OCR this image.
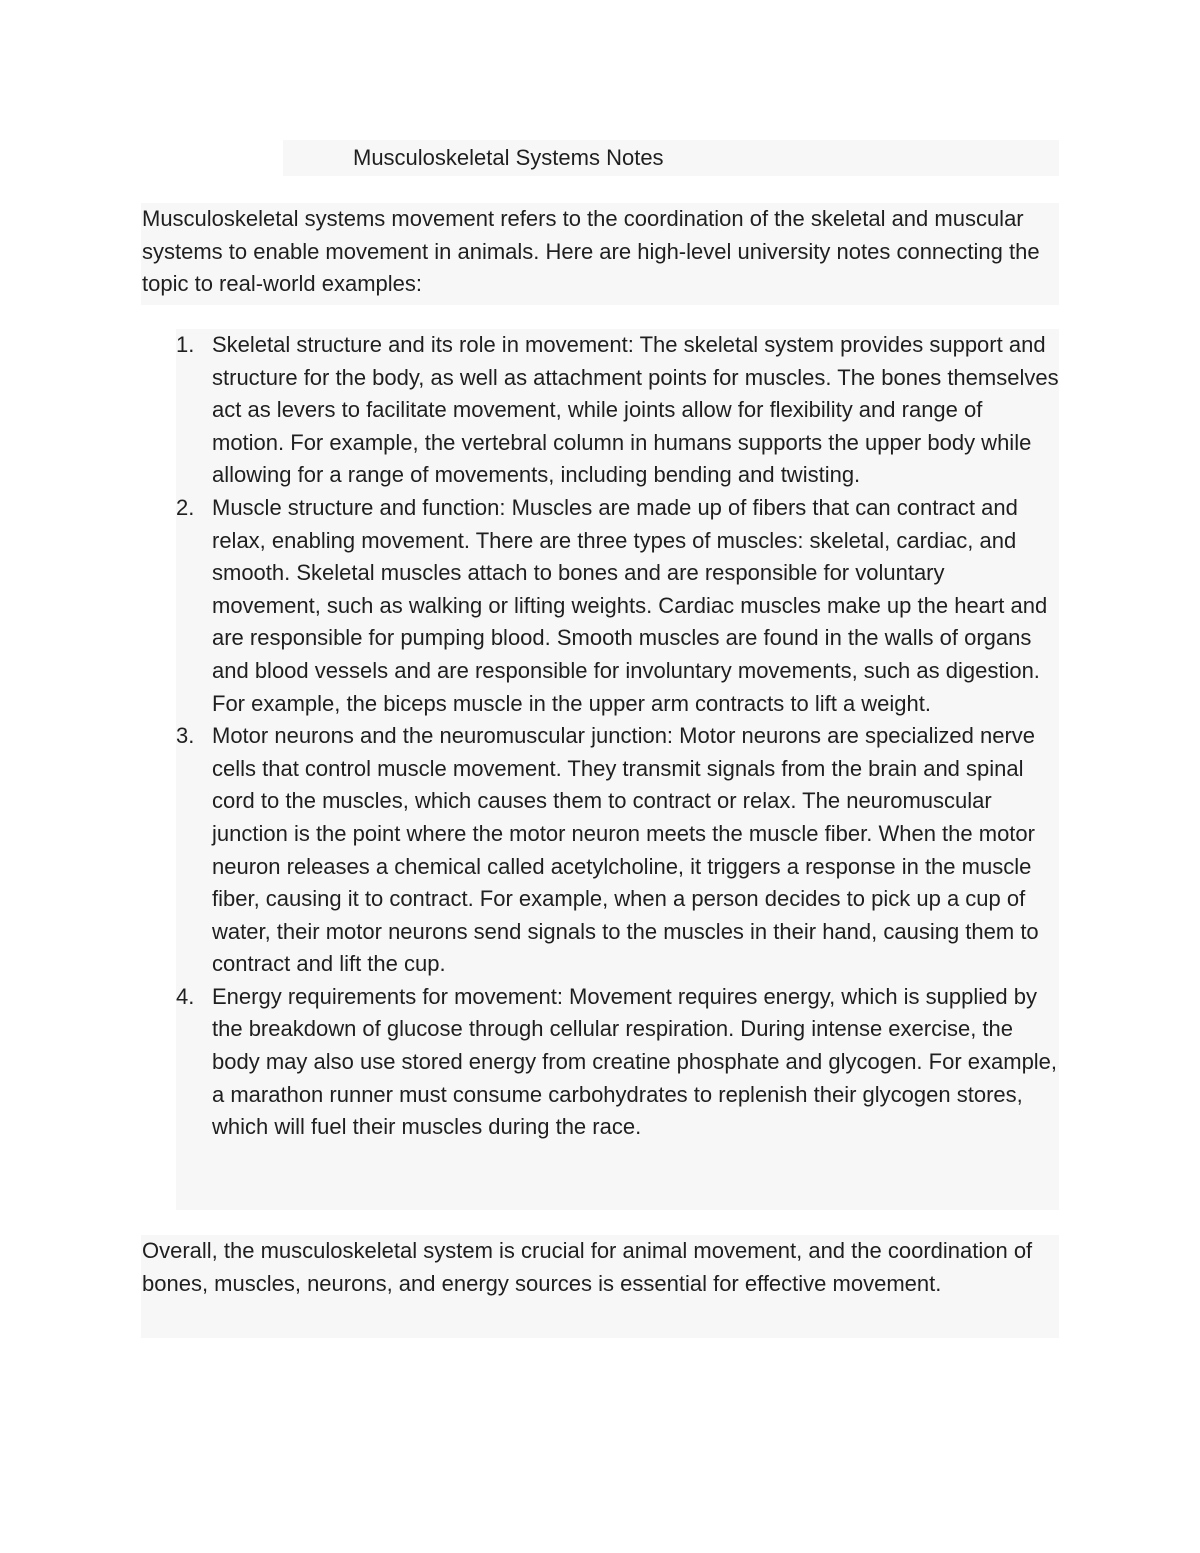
Musculoskeletal Systems Notes

Musculoskeletal systems movement refers to the coordination of the skeletal and muscular systems to enable movement in animals. Here are high-level university notes connecting the topic to real-world examples:

1. Skeletal structure and its role in movement: The skeletal system provides support and structure for the body, as well as attachment points for muscles. The bones themselves act as levers to facilitate movement, while joints allow for flexibility and range of motion. For example, the vertebral column in humans supports the upper body while allowing for a range of movements, including bending and twisting.
2. Muscle structure and function: Muscles are made up of fibers that can contract and relax, enabling movement. There are three types of muscles: skeletal, cardiac, and smooth. Skeletal muscles attach to bones and are responsible for voluntary movement, such as walking or lifting weights. Cardiac muscles make up the heart and are responsible for pumping blood. Smooth muscles are found in the walls of organs and blood vessels and are responsible for involuntary movements, such as digestion. For example, the biceps muscle in the upper arm contracts to lift a weight.
3. Motor neurons and the neuromuscular junction: Motor neurons are specialized nerve cells that control muscle movement. They transmit signals from the brain and spinal cord to the muscles, which causes them to contract or relax. The neuromuscular junction is the point where the motor neuron meets the muscle fiber. When the motor neuron releases a chemical called acetylcholine, it triggers a response in the muscle fiber, causing it to contract. For example, when a person decides to pick up a cup of water, their motor neurons send signals to the muscles in their hand, causing them to contract and lift the cup.
4. Energy requirements for movement: Movement requires energy, which is supplied by the breakdown of glucose through cellular respiration. During intense exercise, the body may also use stored energy from creatine phosphate and glycogen. For example, a marathon runner must consume carbohydrates to replenish their glycogen stores, which will fuel their muscles during the race.

Overall, the musculoskeletal system is crucial for animal movement, and the coordination of bones, muscles, neurons, and energy sources is essential for effective movement.
